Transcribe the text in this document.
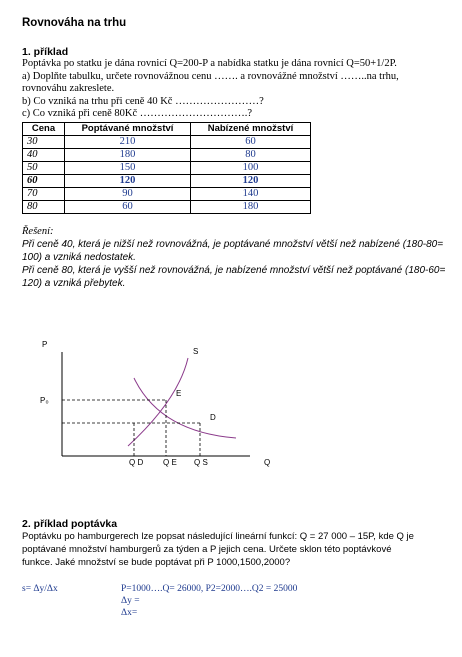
Rovnováha na trhu
1. příklad
Poptávka po statku je dána rovnicí Q=200-P a nabídka statku je dána rovnicí Q=50+1/2P.
a) Doplňte tabulku, určete rovnovážnou cenu ……. a rovnovážné množství ……..na trhu,
rovnováhu zakreslete.
b) Co vzniká na trhu při ceně 40 Kč ……………………?
c) Co vzniká při ceně 80Kč ………………………….?
Cena	Poptávané množství	Nabízené množství
30	210	60
40	180	80
50	150	100
60	120	120
70	90	140
80	60	180
Řešení:
Při ceně 40, která je nižší než rovnovážná, je poptávané množství větší než nabízené (180-80=
100) a vzniká nedostatek.
Při ceně 80, která je vyšší než rovnovážná, je nabízené množství větší než poptávané (180-60=
120) a vzniká přebytek.
P
Q
P₀
S
D
E
Q D Q E Q S
2. příklad poptávka
Poptávku po hamburgerech lze popsat následující lineární funkcí: Q = 27 000 – 15P, kde Q je
poptávané množství hamburgerů za týden a P jejich cena. Určete sklon této poptávkové
funkce. Jaké množství se bude poptávat při P 1000,1500,2000?
s= Δy/Δx	P=1000….Q= 26000, P2=2000….Q2 = 25000
Δy =
Δx=
